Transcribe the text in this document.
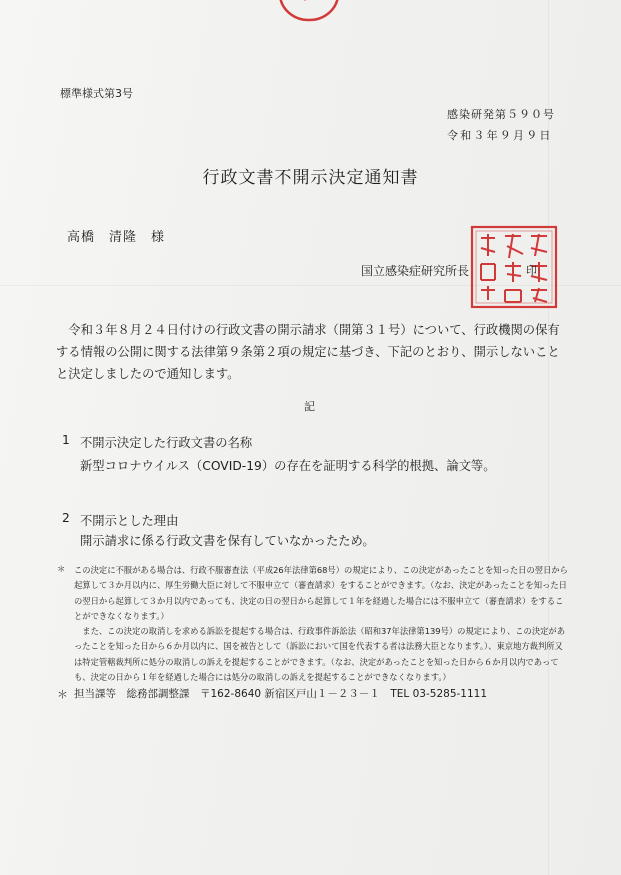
標準様式第3号
感染研発第５９０号
令和３年９月９日
行政文書不開示決定通知書
高橋　清隆　様
国立感染症研究所長
国立感染症研究所長	印

令和３年８月２４日付けの行政文書の開示請求（開第３１号）について、行政機関の保有する情報の公開に関する法律第９条第２項の規定に基づき、下記のとおり、開示しないことと決定しましたので通知します。

記
1 不開示決定した行政文書の名称
新型コロナウイルス（COVID-19）の存在を証明する科学的根拠、論文等。
2 不開示とした理由
開示請求に係る行政文書を保有していなかったため。
＊ この決定に不服がある場合は、行政不服審査法（平成26年法律第68号）の規定により、この決定があったことを知った日の翌日から起算して３か月以内に、厚生労働大臣に対して不服申立て（審査請求）をすることができます。（なお、決定があったことを知った日の翌日から起算して３か月以内であっても、決定の日の翌日から起算して１年を経過した場合には不服申立て（審査請求）をすることができなくなります。）

また、この決定の取消しを求める訴訟を提起する場合は、行政事件訴訟法（昭和37年法律第139号）の規定により、この決定があったことを知った日から６か月以内に、国を被告として（訴訟において国を代表する者は法務大臣となります。）、東京地方裁判所又は特定管轄裁判所に処分の取消しの訴えを提起することができます。（なお、決定があったことを知った日から６か月以内であっても、決定の日から１年を経過した場合には処分の取消しの訴えを提起することができなくなります。）

＊ 担当課等　総務部調整課　〒162-8640 新宿区戸山１－２３－１　TEL 03-5285-1111
